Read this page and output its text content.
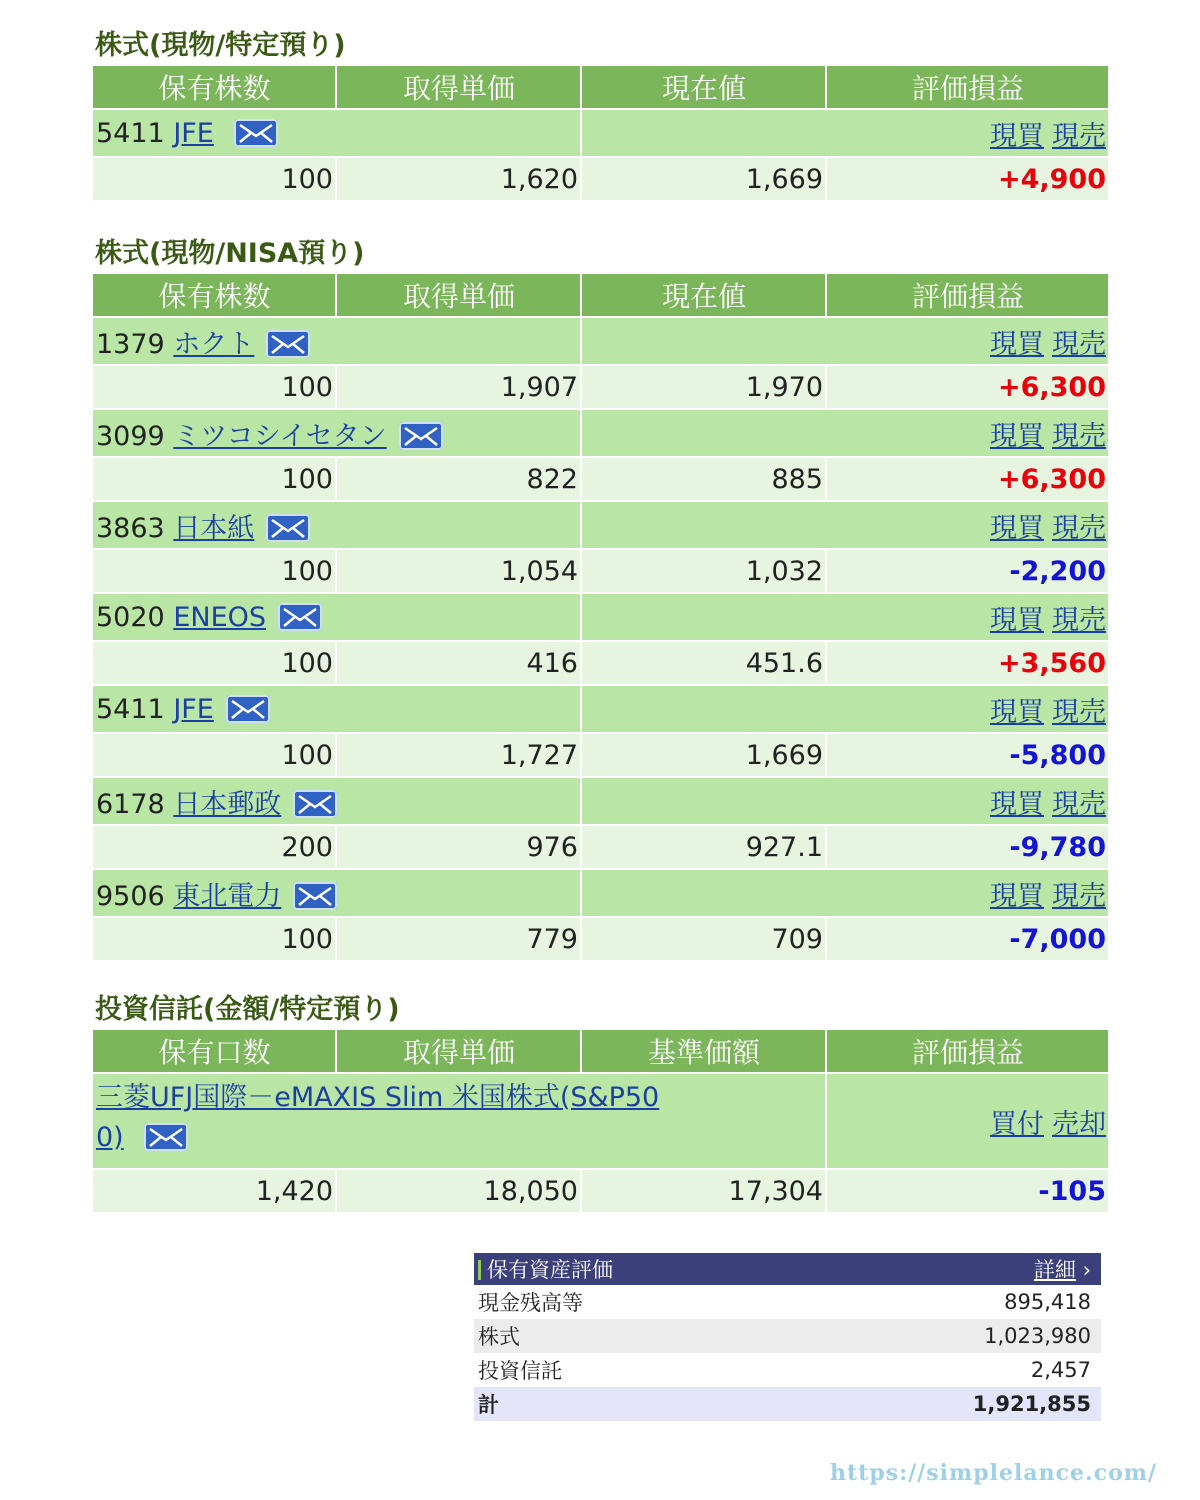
株式(現物/特定預り)
保有株数	取得単価	現在値	評価損益
5411 JFE		現買 現売	
100	1,620	1,669	+4,900
株式(現物/NISA預り)
保有株数	取得単価	現在値	評価損益
1379 ホクト		現買 現売	
100	1,907	1,970	+6,300
3099 ミツコシイセタン		現買 現売	
100	822	885	+6,300
3863 日本紙		現買 現売	
100	1,054	1,032	-2,200
5020 ENEOS		現買 現売	
100	416	451.6	+3,560
5411 JFE		現買 現売	
100	1,727	1,669	-5,800
6178 日本郵政		現買 現売	
200	976	927.1	-9,780
9506 東北電力		現買 現売	
100	779	709	-7,000
投資信託(金額/特定預り)
保有口数	取得単価	基準価額	評価損益
三菱UFJ国際－eMAXIS Slim 米国株式(S&P50
0)			買付 売却
1,420	18,050	17,304	-105
保有資産評価	詳細 ›
現金残高等	895,418
株式	1,023,980
投資信託	2,457
計	1,921,855
https://simplelance.com/
